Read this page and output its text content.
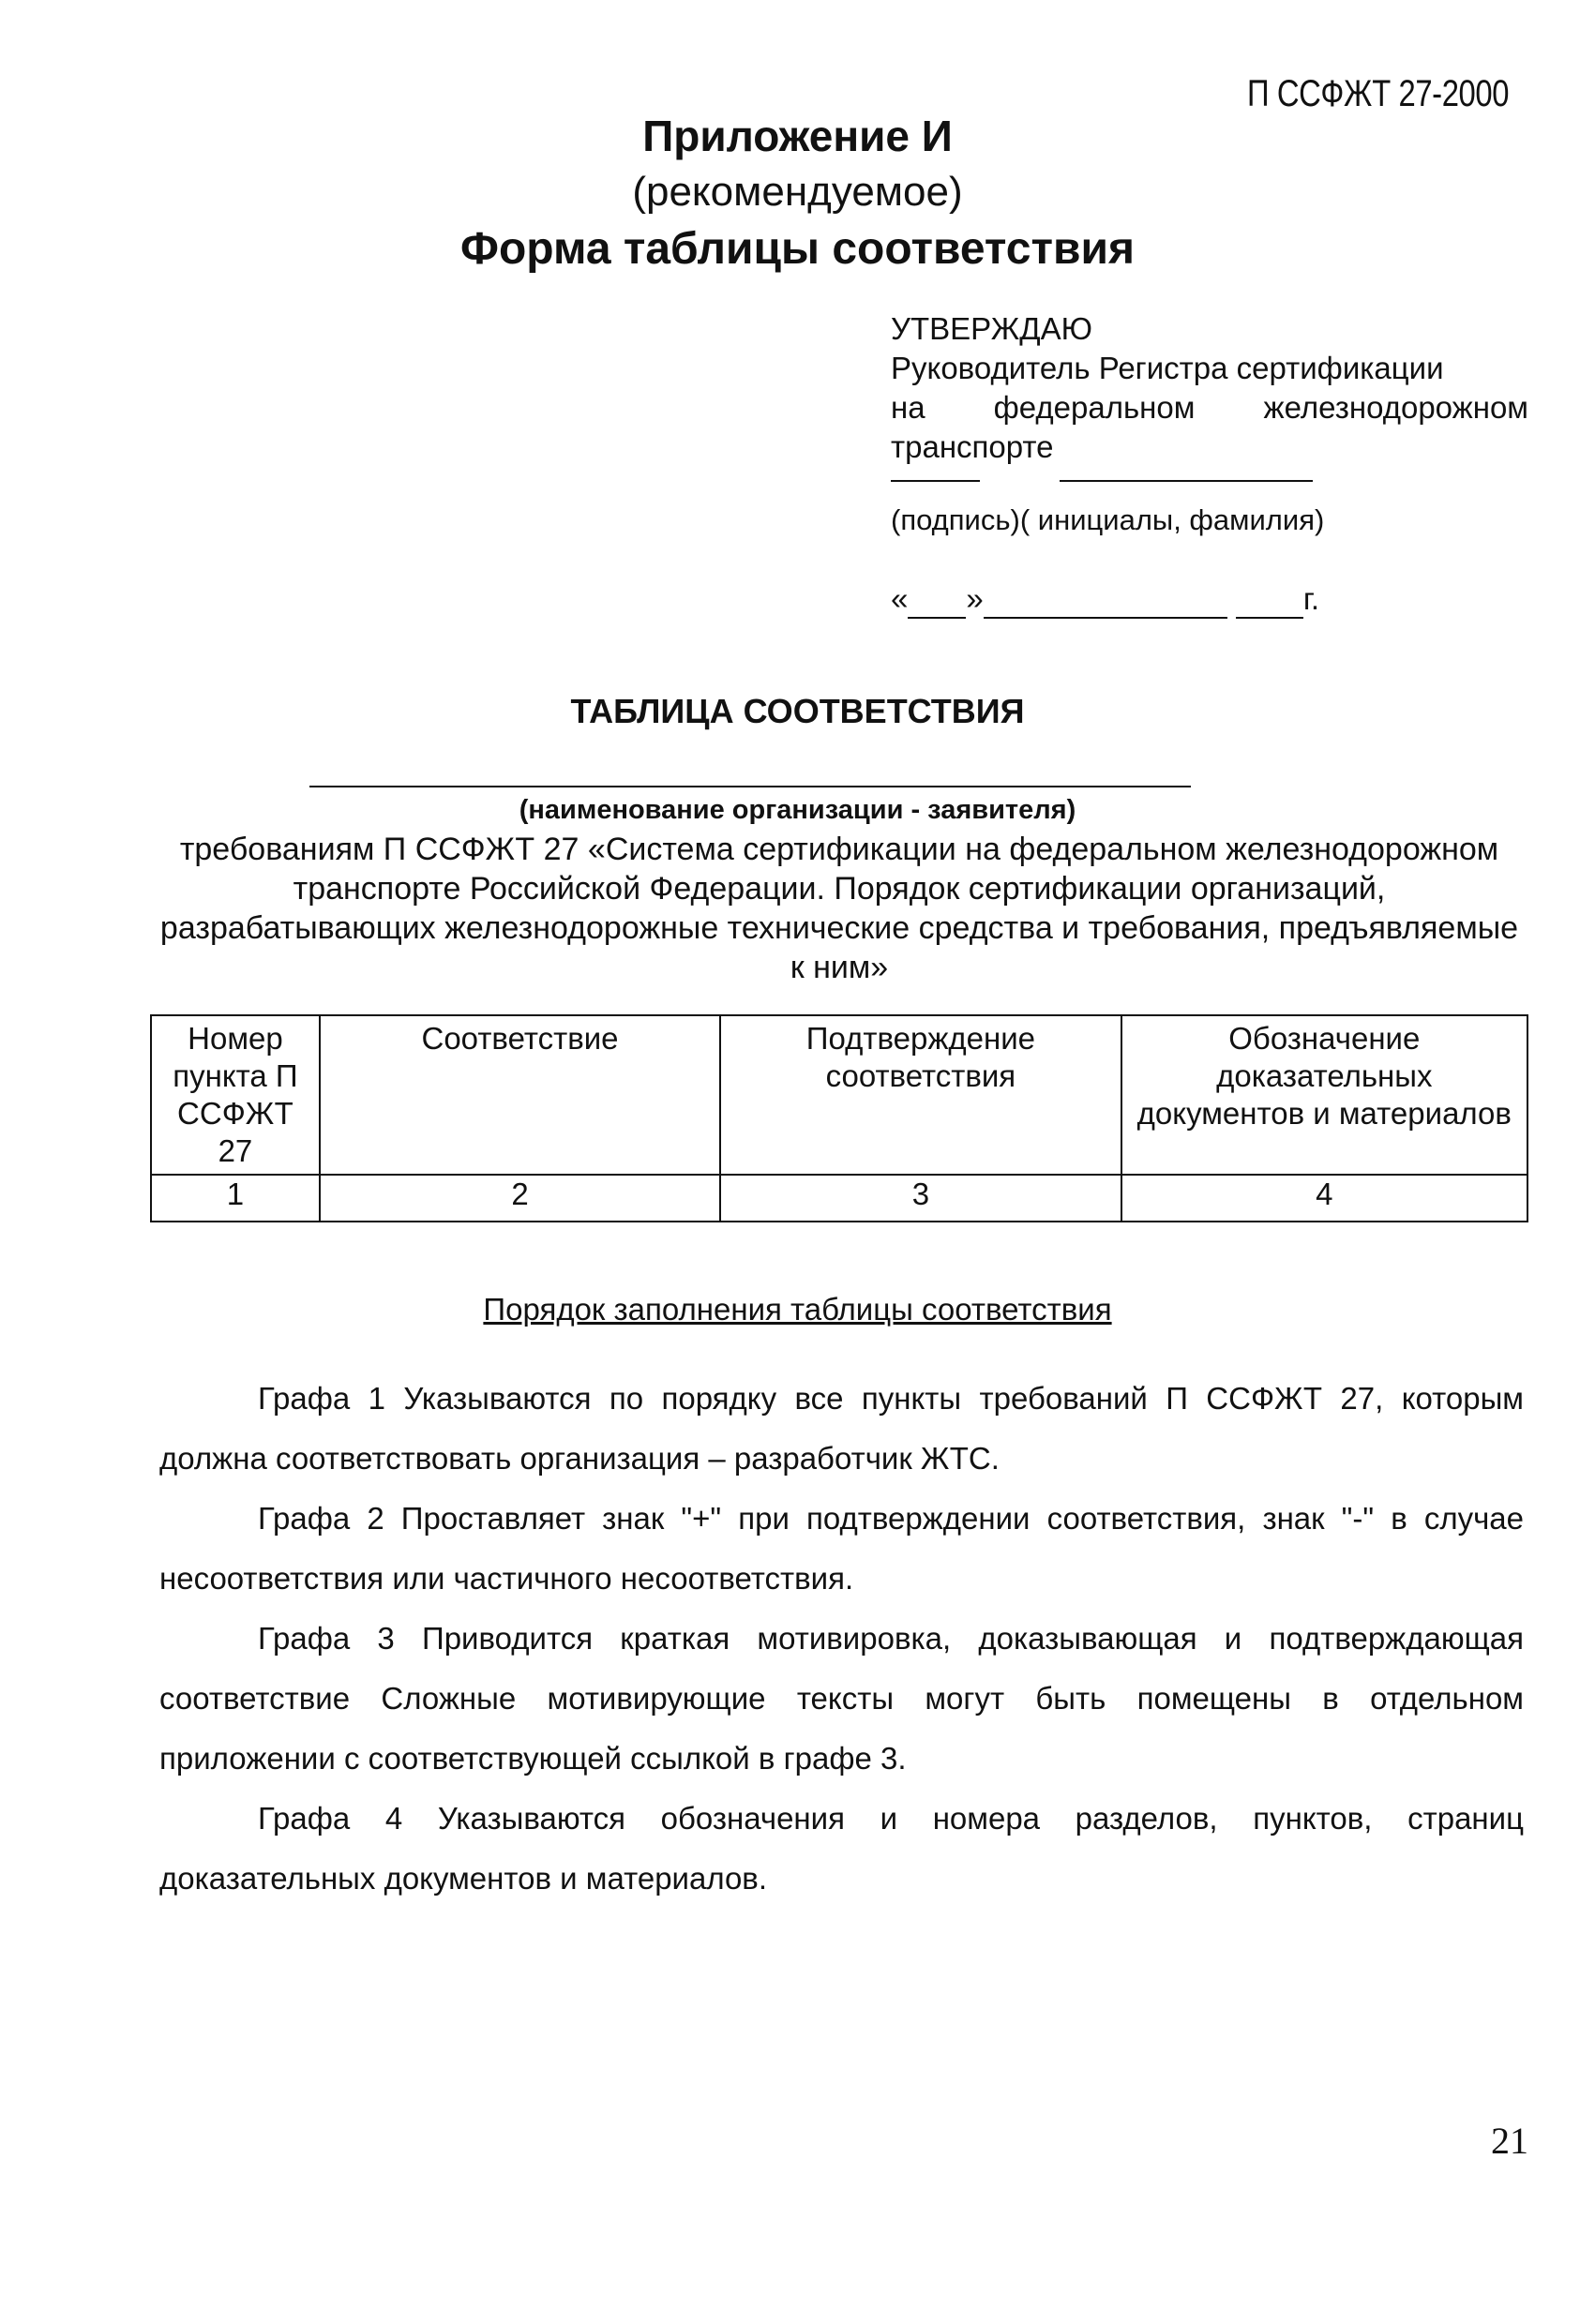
П ССФЖТ 27-2000
Приложение И
(рекомендуемое)
Форма таблицы соответствия
УТВЕРЖДАЮ
Руководитель Регистра сертификации
на федеральном железнодорожном
транспорте
(подпись)( инициалы, фамилия)
« »	г.
ТАБЛИЦА СООТВЕТСТВИЯ
(наименование организации - заявителя)
требованиям П ССФЖТ 27 «Система сертификации на федеральном железнодорожном транспорте Российской Федерации. Порядок сертификации организаций, разрабатывающих железнодорожные технические средства и требования, предъявляемые к ним»
Номер пункта П ССФЖТ 27	Соответствие	Подтверждение соответствия	Обозначение доказательных документов и материалов
1	2	3	4
Порядок заполнения таблицы соответствия

Графа 1 Указываются по порядку все пункты требований П ССФЖТ 27, которым должна соответствовать организация – разработчик ЖТС.

Графа 2 Проставляет знак "+" при подтверждении соответствия, знак "-" в случае несоответствия или частичного несоответствия.

Графа 3 Приводится краткая мотивировка, доказывающая и подтверждающая соответствие Сложные мотивирующие тексты могут быть помещены в отдельном приложении с соответствующей ссылкой в графе 3.

Графа 4 Указываются обозначения и номера разделов, пунктов, страниц доказательных документов и материалов.

21
